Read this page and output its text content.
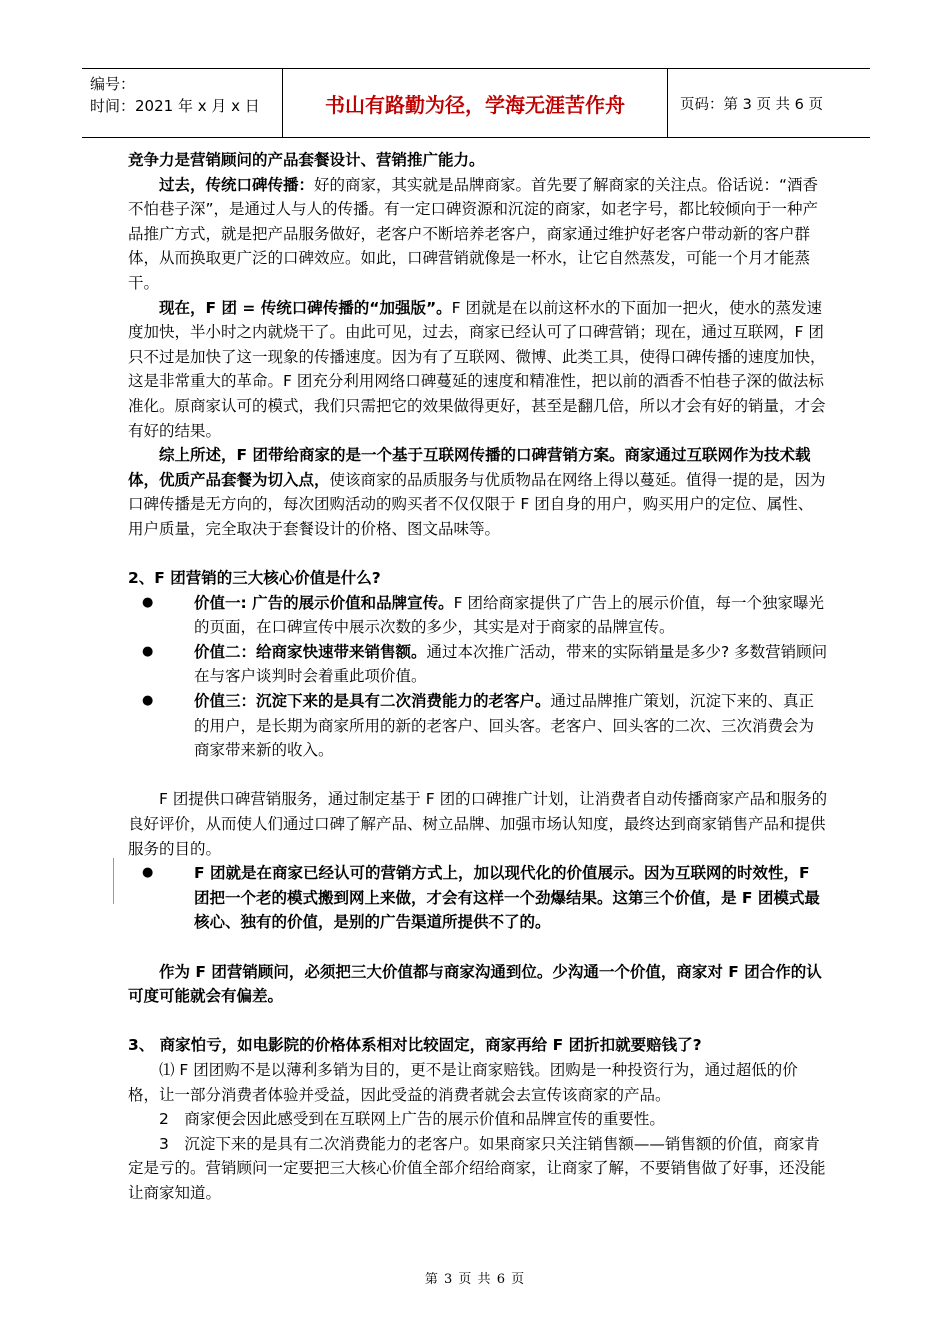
编号：
时间：2021 年 x 月 x 日	书山有路勤为径，学海无涯苦作舟	页码：第 3 页 共 6 页

竞争力是营销顾问的产品套餐设计、营销推广能力。

过去，传统口碑传播：好的商家，其实就是品牌商家。首先要了解商家的关注点。俗话说：“酒香不怕巷子深”，是通过人与人的传播。有一定口碑资源和沉淀的商家，如老字号，都比较倾向于一种产品推广方式，就是把产品服务做好，老客户不断培养老客户，商家通过维护好老客户带动新的客户群体，从而换取更广泛的口碑效应。如此，口碑营销就像是一杯水，让它自然蒸发，可能一个月才能蒸干。

现在，F 团 = 传统口碑传播的“加强版”。F 团就是在以前这杯水的下面加一把火，使水的蒸发速度加快，半小时之内就烧干了。由此可见，过去，商家已经认可了口碑营销；现在，通过互联网，F 团只不过是加快了这一现象的传播速度。因为有了互联网、微博、此类工具，使得口碑传播的速度加快， 这是非常重大的革命。F 团充分利用网络口碑蔓延的速度和精准性，把以前的酒香不怕巷子深的做法标准化。原商家认可的模式，我们只需把它的效果做得更好，甚至是翻几倍，所以才会有好的销量，才会有好的结果。

综上所述，F 团带给商家的是一个基于互联网传播的口碑营销方案。商家通过互联网作为技术载体，优质产品套餐为切入点，使该商家的品质服务与优质物品在网络上得以蔓延。值得一提的是，因为口碑传播是无方向的，每次团购活动的购买者不仅仅限于 F 团自身的用户，购买用户的定位、属性、用户质量，完全取决于套餐设计的价格、图文品味等。

2、F 团营销的三大核心价值是什么?

●	价值一: 广告的展示价值和品牌宣传。F 团给商家提供了广告上的展示价值，每一个独家曝光的页面，在口碑宣传中展示次数的多少，其实是对于商家的品牌宣传。
●	价值二：给商家快速带来销售额。通过本次推广活动，带来的实际销量是多少? 多数营销顾问在与客户谈判时会着重此项价值。
●	价值三：沉淀下来的是具有二次消费能力的老客户。通过品牌推广策划，沉淀下来的、真正的用户，是长期为商家所用的新的老客户、回头客。老客户、回头客的二次、三次消费会为商家带来新的收入。

F 团提供口碑营销服务，通过制定基于 F 团的口碑推广计划，让消费者自动传播商家产品和服务的良好评价，从而使人们通过口碑了解产品、树立品牌、加强市场认知度，最终达到商家销售产品和提供服务的目的。

●	F 团就是在商家已经认可的营销方式上，加以现代化的价值展示。因为互联网的时效性，F 团把一个老的模式搬到网上来做，才会有这样一个劲爆结果。这第三个价值，是 F 团模式最核心、独有的价值，是别的广告渠道所提供不了的。

作为 F 团营销顾问，必须把三大价值都与商家沟通到位。少沟通一个价值，商家对 F 团合作的认可度可能就会有偏差。

3、 商家怕亏，如电影院的价格体系相对比较固定，商家再给 F 团折扣就要赔钱了?

⑴ F 团团购不是以薄利多销为目的，更不是让商家赔钱。团购是一种投资行为，通过超低的价格，让一部分消费者体验并受益，因此受益的消费者就会去宣传该商家的产品。

2　商家便会因此感受到在互联网上广告的展示价值和品牌宣传的重要性。

3　沉淀下来的是具有二次消费能力的老客户。如果商家只关注销售额——销售额的价值，商家肯定是亏的。营销顾问一定要把三大核心价值全部介绍给商家，让商家了解，不要销售做了好事，还没能让商家知道。

第 3 页 共 6 页
